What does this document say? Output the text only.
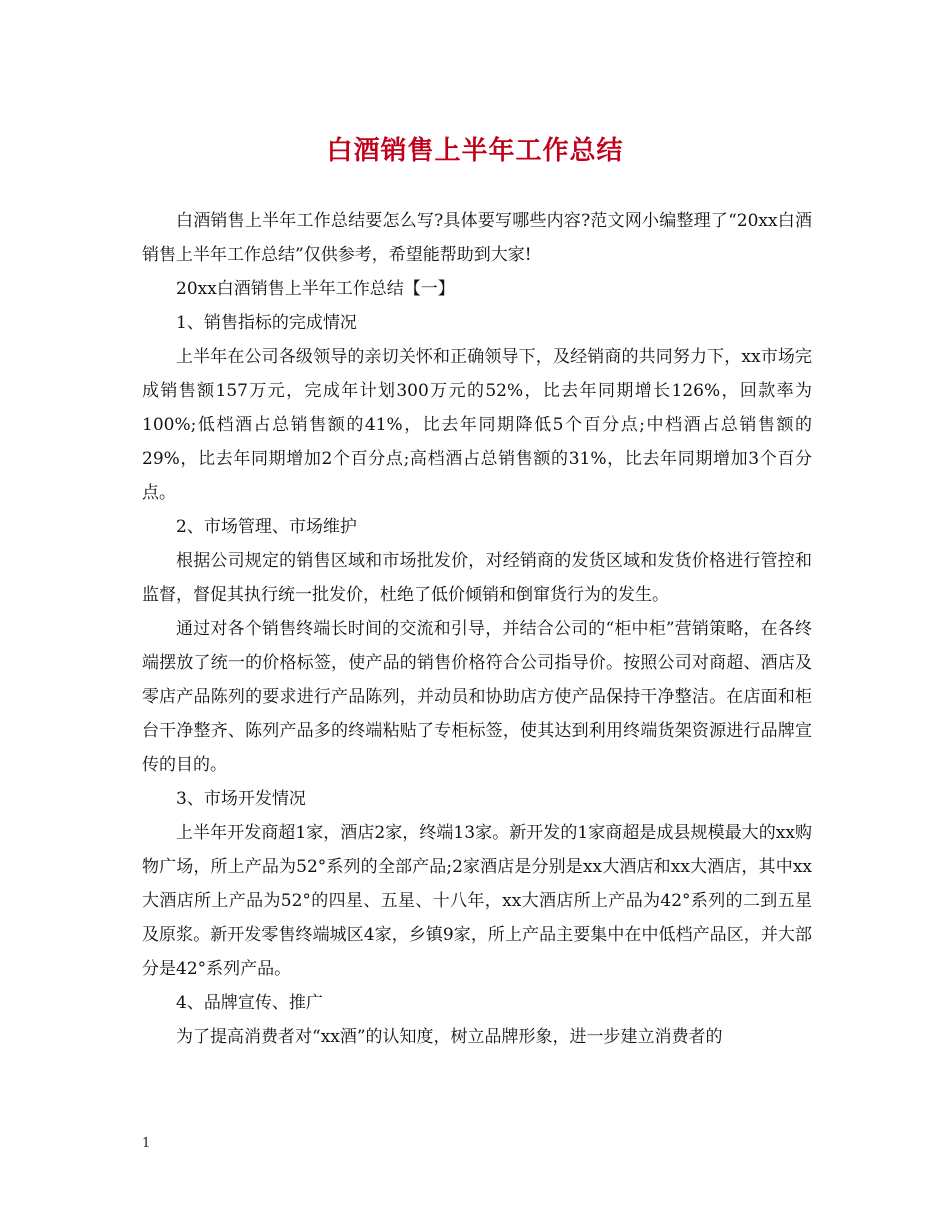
白酒销售上半年工作总结

白酒销售上半年工作总结要怎么写?具体要写哪些内容?范文网小编整理了“20xx白酒销售上半年工作总结”仅供参考，希望能帮助到大家!

20xx白酒销售上半年工作总结【一】

1、销售指标的完成情况

上半年在公司各级领导的亲切关怀和正确领导下，及经销商的共同努力下，xx市场完成销售额157万元，完成年计划300万元的52%，比去年同期增长126%，回款率为100%;低档酒占总销售额的41%，比去年同期降低5个百分点;中档酒占总销售额的29%，比去年同期增加2个百分点;高档酒占总销售额的31%，比去年同期增加3个百分点。

2、市场管理、市场维护

根据公司规定的销售区域和市场批发价，对经销商的发货区域和发货价格进行管控和监督，督促其执行统一批发价，杜绝了低价倾销和倒窜货行为的发生。

通过对各个销售终端长时间的交流和引导，并结合公司的“柜中柜”营销策略，在各终端摆放了统一的价格标签，使产品的销售价格符合公司指导价。按照公司对商超、酒店及零店产品陈列的要求进行产品陈列，并动员和协助店方使产品保持干净整洁。在店面和柜台干净整齐、陈列产品多的终端粘贴了专柜标签，使其达到利用终端货架资源进行品牌宣传的目的。

3、市场开发情况

上半年开发商超1家，酒店2家，终端13家。新开发的1家商超是成县规模最大的xx购物广场，所上产品为52°系列的全部产品;2家酒店是分别是xx大酒店和xx大酒店，其中xx大酒店所上产品为52°的四星、五星、十八年，xx大酒店所上产品为42°系列的二到五星及原浆。新开发零售终端城区4家，乡镇9家，所上产品主要集中在中低档产品区，并大部分是42°系列产品。

4、品牌宣传、推广

为了提高消费者对“xx酒”的认知度，树立品牌形象，进一步建立消费者的

1
